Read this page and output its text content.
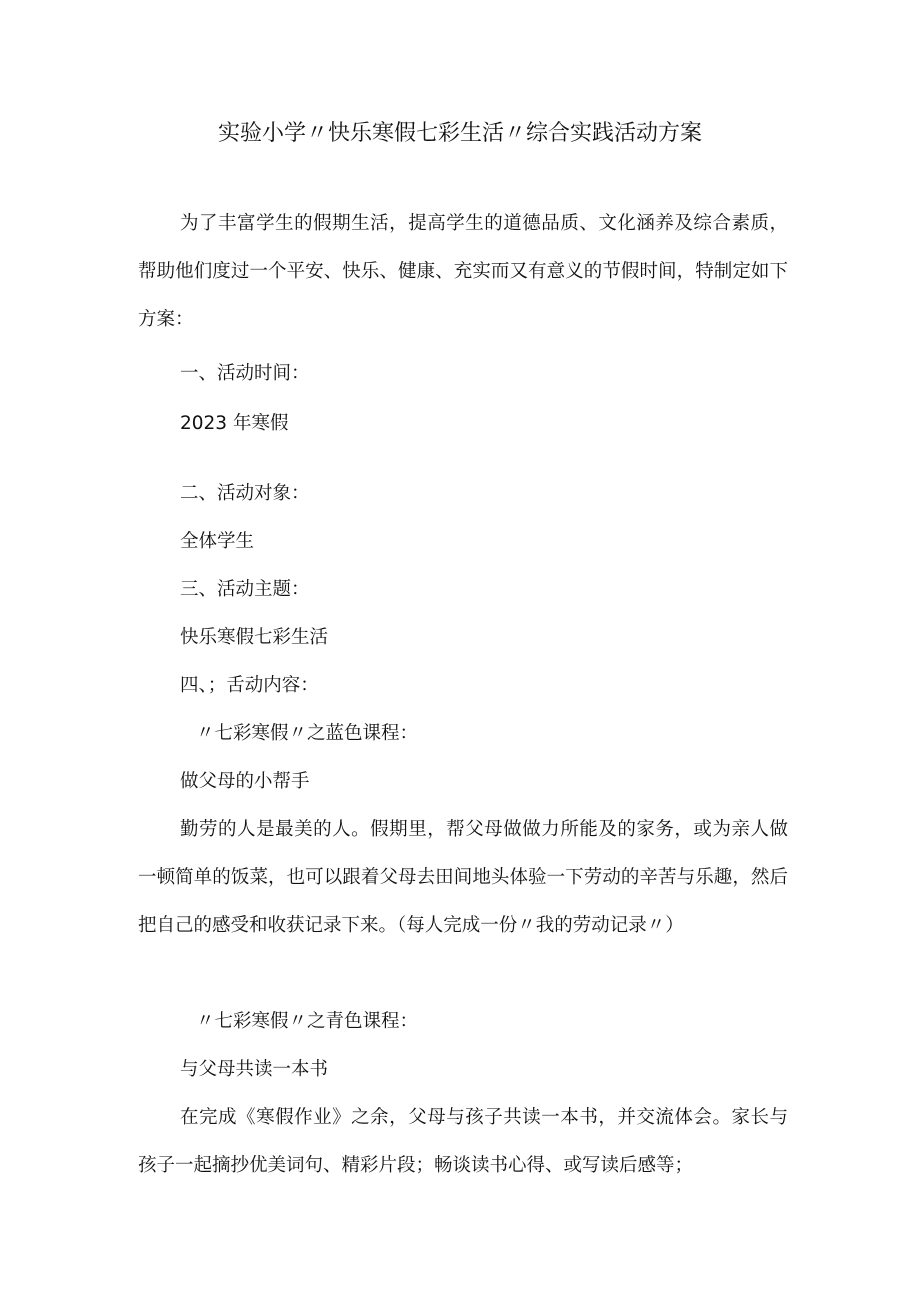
实验小学〃快乐寒假七彩生活〃综合实践活动方案

为了丰富学生的假期生活，提高学生的道德品质、文化涵养及综合素质，帮助他们度过一个平安、快乐、健康、充实而又有意义的节假时间，特制定如下方案：

一、活动时间：
2023 年寒假
二、活动对象：
全体学生
三、活动主题：
快乐寒假七彩生活
四、；舌动内容：
〃七彩寒假〃之蓝色课程：
做父母的小帮手

勤劳的人是最美的人。假期里，帮父母做做力所能及的家务，或为亲人做一顿简单的饭菜，也可以跟着父母去田间地头体验一下劳动的辛苦与乐趣，然后把自己的感受和收获记录下来。（每人完成一份〃我的劳动记录〃）

〃七彩寒假〃之青色课程：
与父母共读一本书

在完成《寒假作业》之余，父母与孩子共读一本书，并交流体会。家长与孩子一起摘抄优美词句、精彩片段；畅谈读书心得、或写读后感等；
